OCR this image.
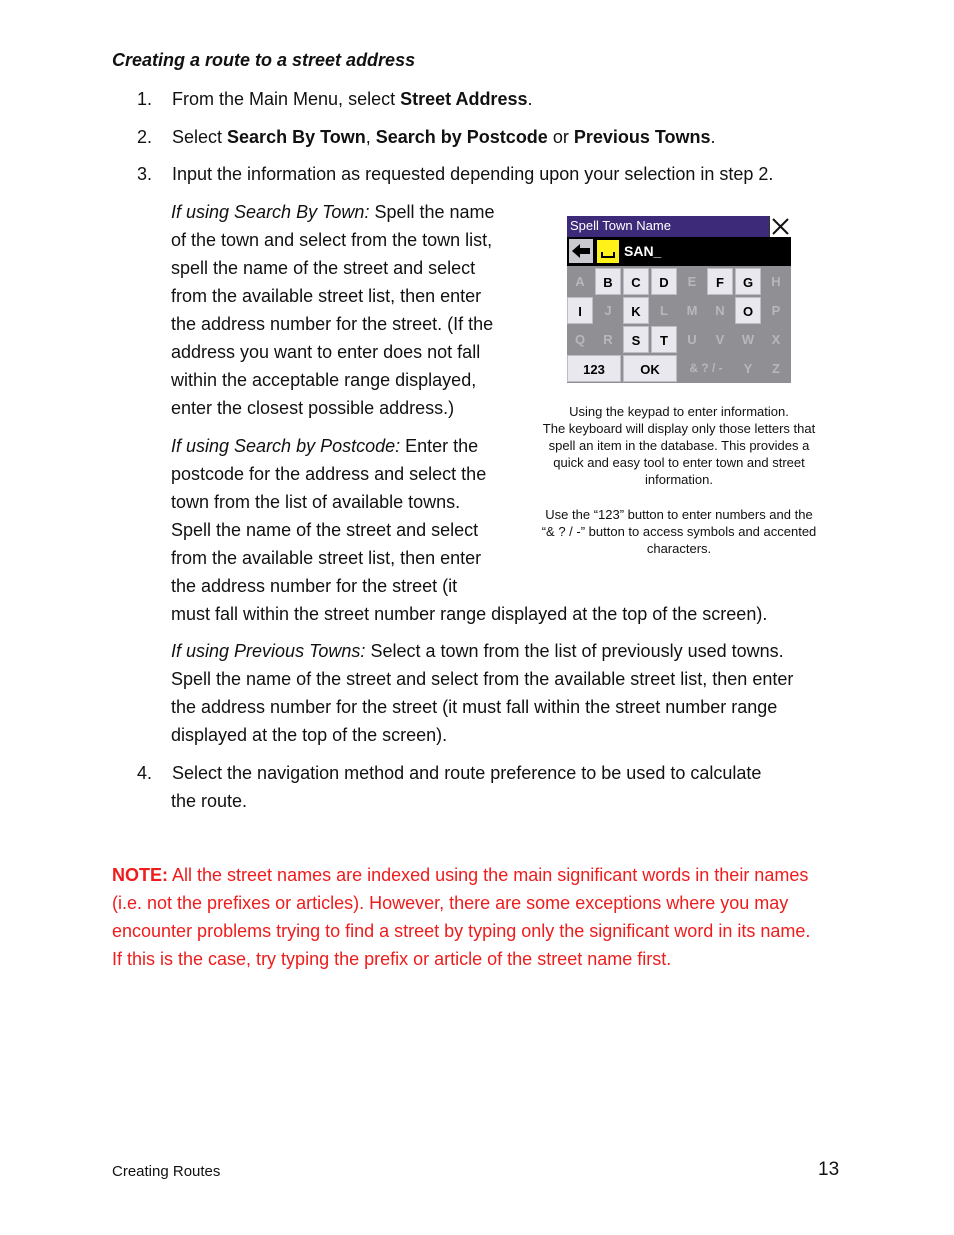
Creating a route to a street address
1. From the Main Menu, select Street Address.
2. Select Search By Town, Search by Postcode or Previous Towns.
3. Input the information as requested depending upon your selection in step 2.
If using Search By Town: Spell the name
of the town and select from the town list,
spell the name of the street and select
from the available street list, then enter
the address number for the street. (If the
address you want to enter does not fall
within the acceptable range displayed,
enter the closest possible address.)
If using Search by Postcode: Enter the
postcode for the address and select the
town from the list of available towns.
Spell the name of the street and select
from the available street list, then enter
the address number for the street (it
must fall within the street number range displayed at the top of the screen).
If using Previous Towns: Select a town from the list of previously used towns.
Spell the name of the street and select from the available street list, then enter
the address number for the street (it must fall within the street number range
displayed at the top of the screen).
4. Select the navigation method and route preference to be used to calculate
the route.
Spell Town Name
SAN_
A	B	C	D	E	F	G	H
I	J	K	L	M	N	O	P
Q	R	S	T	U	V	W	X
123	OK	& ? / -	Y	Z
Using the keypad to enter information.
The keyboard will display only those letters that
spell an item in the database. This provides a
quick and easy tool to enter town and street
information.
Use the “123” button to enter numbers and the
“& ? / -” button to access symbols and accented
characters.
NOTE: All the street names are indexed using the main significant words in their names
(i.e. not the prefixes or articles). However, there are some exceptions where you may
encounter problems trying to find a street by typing only the significant word in its name.
If this is the case, try typing the prefix or article of the street name first.
Creating Routes	13
